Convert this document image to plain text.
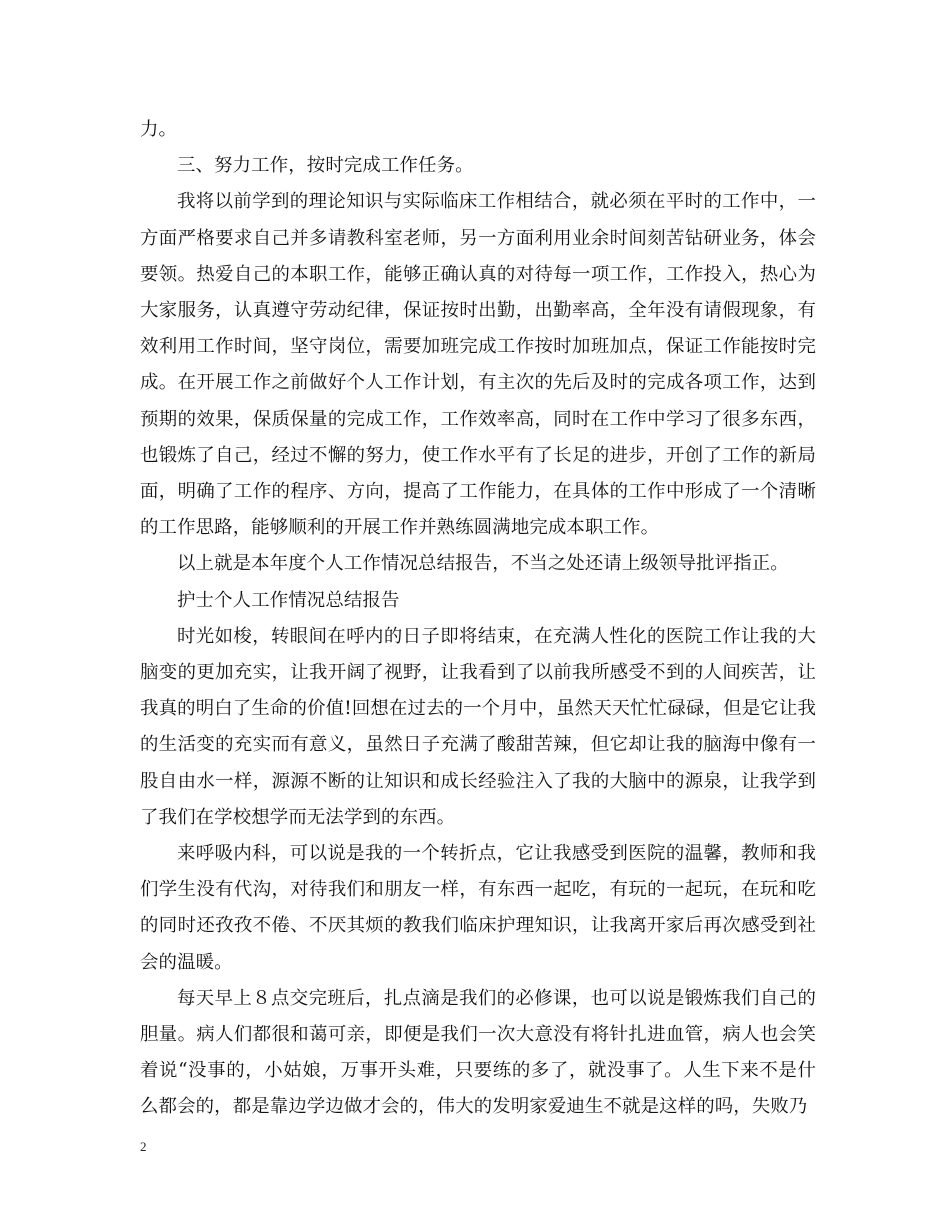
力。

三、努力工作，按时完成工作任务。

我将以前学到的理论知识与实际临床工作相结合，就必须在平时的工作中，一方面严格要求自己并多请教科室老师，另一方面利用业余时间刻苦钻研业务，体会要领。热爱自己的本职工作，能够正确认真的对待每一项工作，工作投入，热心为大家服务，认真遵守劳动纪律，保证按时出勤，出勤率高，全年没有请假现象，有效利用工作时间，坚守岗位，需要加班完成工作按时加班加点，保证工作能按时完成。在开展工作之前做好个人工作计划，有主次的先后及时的完成各项工作，达到预期的效果，保质保量的完成工作，工作效率高，同时在工作中学习了很多东西，也锻炼了自己，经过不懈的努力，使工作水平有了长足的进步，开创了工作的新局面，明确了工作的程序、方向，提高了工作能力，在具体的工作中形成了一个清晰的工作思路，能够顺利的开展工作并熟练圆满地完成本职工作。

以上就是本年度个人工作情况总结报告，不当之处还请上级领导批评指正。

护士个人工作情况总结报告

时光如梭，转眼间在呼内的日子即将结束，在充满人性化的医院工作让我的大脑变的更加充实，让我开阔了视野，让我看到了以前我所感受不到的人间疾苦，让我真的明白了生命的价值!回想在过去的一个月中，虽然天天忙忙碌碌，但是它让我的生活变的充实而有意义，虽然日子充满了酸甜苦辣，但它却让我的脑海中像有一股自由水一样，源源不断的让知识和成长经验注入了我的大脑中的源泉，让我学到了我们在学校想学而无法学到的东西。

来呼吸内科，可以说是我的一个转折点，它让我感受到医院的温馨，教师和我们学生没有代沟，对待我们和朋友一样，有东西一起吃，有玩的一起玩，在玩和吃的同时还孜孜不倦、不厌其烦的教我们临床护理知识，让我离开家后再次感受到社会的温暖。

每天早上８点交完班后，扎点滴是我们的必修课，也可以说是锻炼我们自己的胆量。病人们都很和蔼可亲，即便是我们一次大意没有将针扎进血管，病人也会笑着说“没事的，小姑娘，万事开头难，只要练的多了，就没事了。人生下来不是什么都会的，都是靠边学边做才会的，伟大的发明家爱迪生不就是这样的吗，失败乃

2
